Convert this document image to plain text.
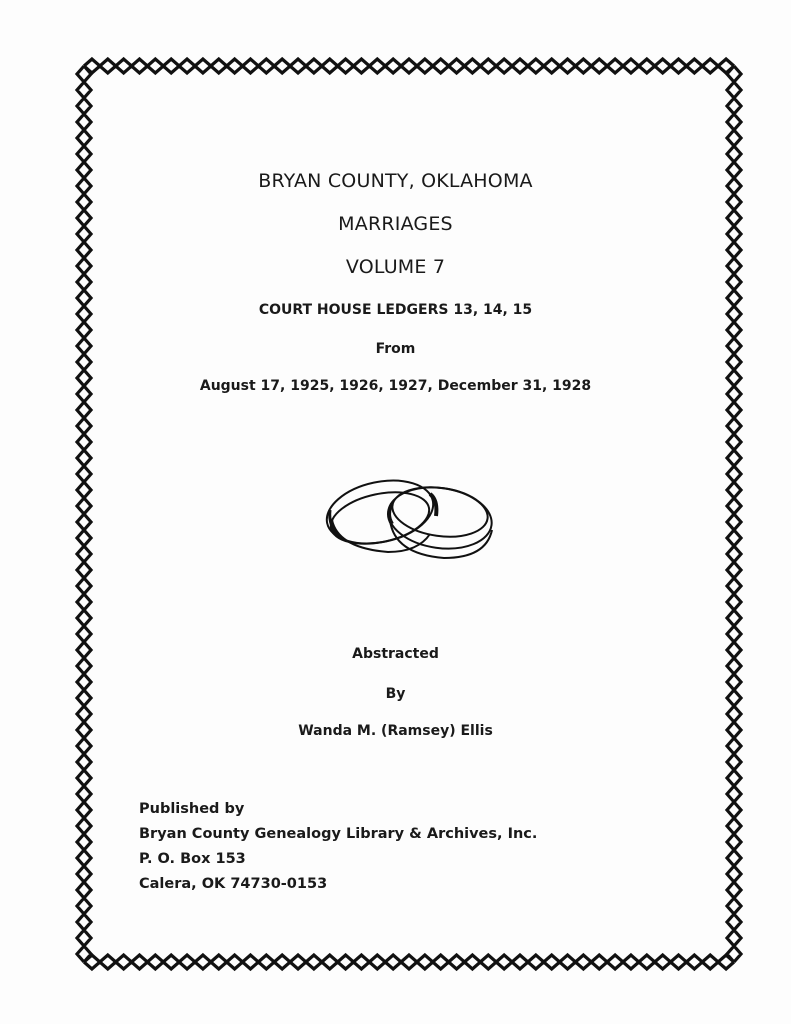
BRYAN COUNTY, OKLAHOMA
MARRIAGES
VOLUME 7
COURT HOUSE LEDGERS 13, 14, 15
From
August 17, 1925, 1926, 1927, December 31, 1928
Abstracted
By
Wanda M. (Ramsey) Ellis
Published by
Bryan County Genealogy Library & Archives, Inc.
P. O. Box 153
Calera, OK 74730-0153
